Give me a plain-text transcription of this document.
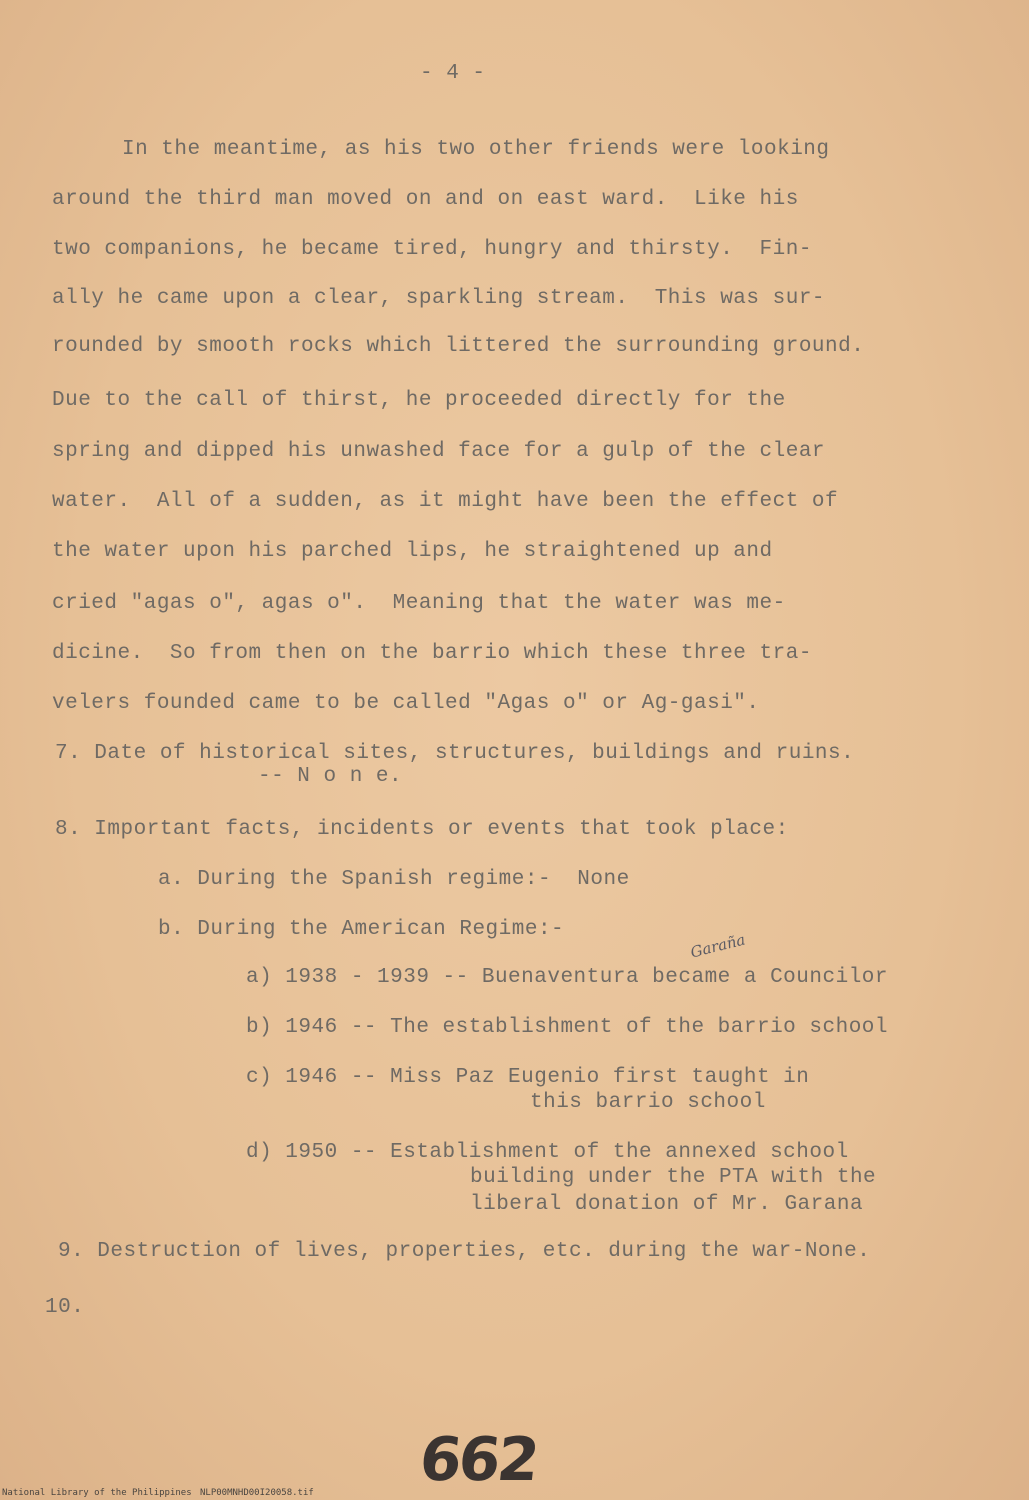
- 4 -
In the meantime, as his two other friends were looking
around the third man moved on and on east ward.  Like his
two companions, he became tired, hungry and thirsty.  Fin-
ally he came upon a clear, sparkling stream.  This was sur-
rounded by smooth rocks which littered the surrounding ground.
Due to the call of thirst, he proceeded directly for the
spring and dipped his unwashed face for a gulp of the clear
water.  All of a sudden, as it might have been the effect of
the water upon his parched lips, he straightened up and
cried "agas o", agas o".  Meaning that the water was me-
dicine.  So from then on the barrio which these three tra-
velers founded came to be called "Agas o" or Ag-gasi".
7. Date of historical sites, structures, buildings and ruins.
-- N o n e.
8. Important facts, incidents or events that took place:
a. During the Spanish regime:-  None
b. During the American Regime:-
Garaña
a) 1938 - 1939 -- Buenaventura became a Councilor
b) 1946 -- The establishment of the barrio school
c) 1946 -- Miss Paz Eugenio first taught in
this barrio school
d) 1950 -- Establishment of the annexed school
building under the PTA with the
liberal donation of Mr. Garana
9. Destruction of lives, properties, etc. during the war-None.
10.
662
National Library of the Philippines NLP00MNHD00I20058.tif
